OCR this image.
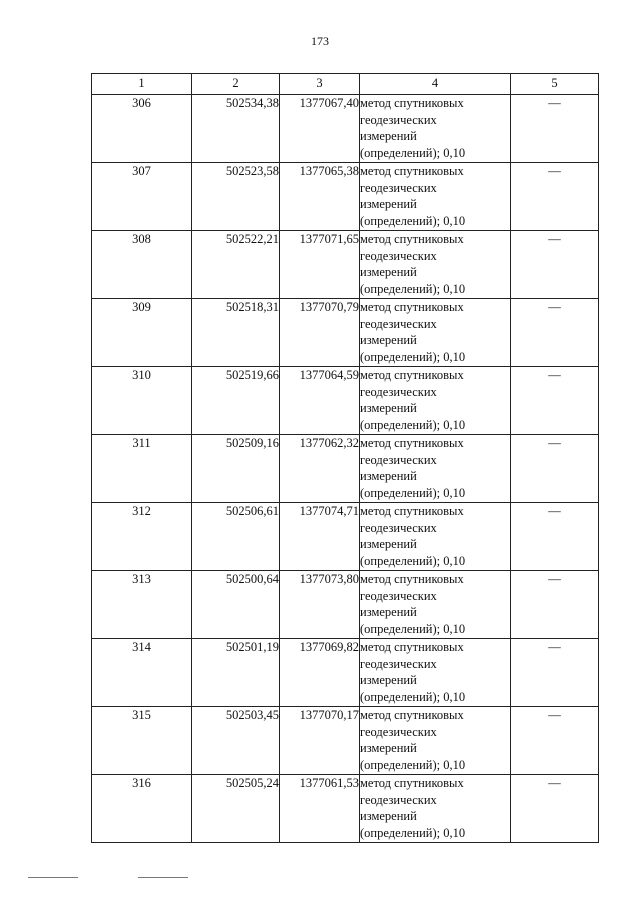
173
1	2	3	4	5
306	502534,38	1377067,40	метод спутниковых
геодезических
измерений
(определений); 0,10	—
307	502523,58	1377065,38	метод спутниковых
геодезических
измерений
(определений); 0,10	—
308	502522,21	1377071,65	метод спутниковых
геодезических
измерений
(определений); 0,10	—
309	502518,31	1377070,79	метод спутниковых
геодезических
измерений
(определений); 0,10	—
310	502519,66	1377064,59	метод спутниковых
геодезических
измерений
(определений); 0,10	—
311	502509,16	1377062,32	метод спутниковых
геодезических
измерений
(определений); 0,10	—
312	502506,61	1377074,71	метод спутниковых
геодезических
измерений
(определений); 0,10	—
313	502500,64	1377073,80	метод спутниковых
геодезических
измерений
(определений); 0,10	—
314	502501,19	1377069,82	метод спутниковых
геодезических
измерений
(определений); 0,10	—
315	502503,45	1377070,17	метод спутниковых
геодезических
измерений
(определений); 0,10	—
316	502505,24	1377061,53	метод спутниковых
геодезических
измерений
(определений); 0,10	—
